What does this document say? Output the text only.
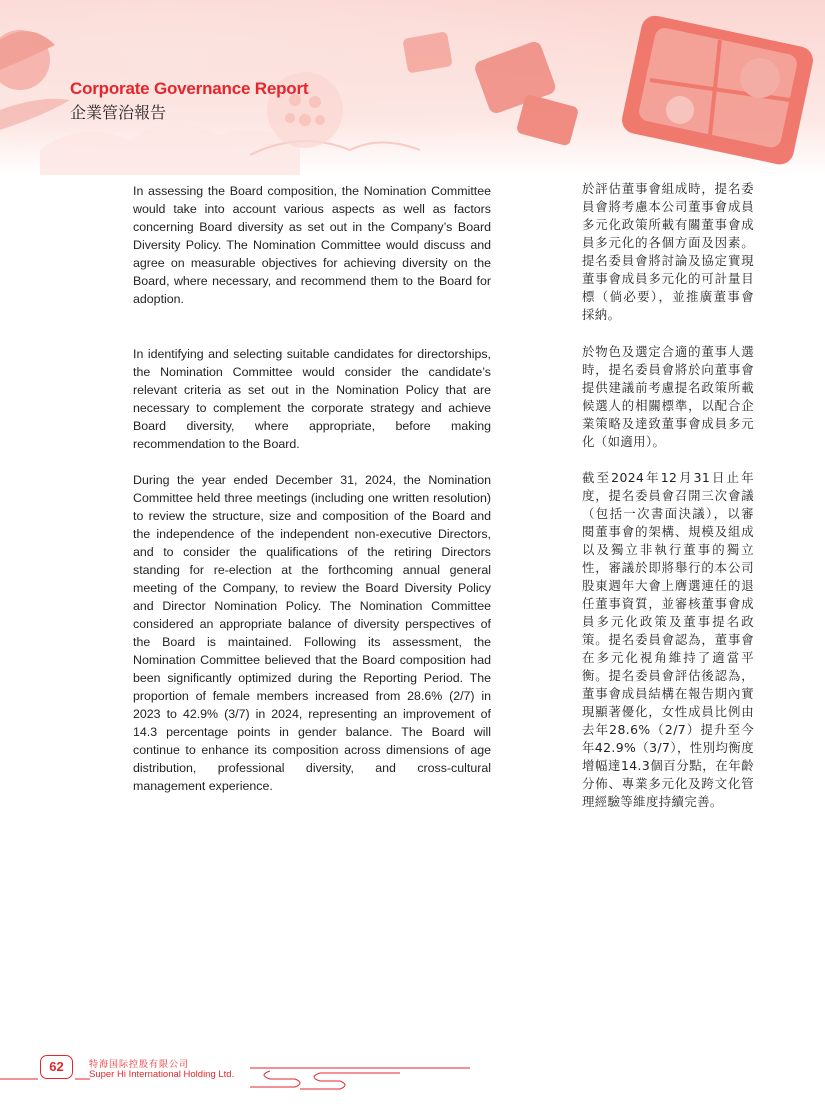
Corporate Governance Report
企業管治報告

In assessing the Board composition, the Nomination Committee would take into account various aspects as well as factors concerning Board diversity as set out in the Company’s Board Diversity Policy. The Nomination Committee would discuss and agree on measurable objectives for achieving diversity on the Board, where necessary, and recommend them to the Board for adoption.

In identifying and selecting suitable candidates for directorships, the Nomination Committee would consider the candidate’s relevant criteria as set out in the Nomination Policy that are necessary to complement the corporate strategy and achieve Board diversity, where appropriate, before making recommendation to the Board.

During the year ended December 31, 2024, the Nomination Committee held three meetings (including one written resolution) to review the structure, size and composition of the Board and the independence of the independent non-executive Directors, and to consider the qualifications of the retiring Directors standing for re-election at the forthcoming annual general meeting of the Company, to review the Board Diversity Policy and Director Nomination Policy. The Nomination Committee considered an appropriate balance of diversity perspectives of the Board is maintained. Following its assessment, the Nomination Committee believed that the Board composition had been significantly optimized during the Reporting Period. The proportion of female members increased from 28.6% (2/7) in 2023 to 42.9% (3/7) in 2024, representing an improvement of 14.3 percentage points in gender balance. The Board will continue to enhance its composition across dimensions of age distribution, professional diversity, and cross-cultural management experience.

於評估董事會組成時，提名委員會將考慮本公司董事會成員多元化政策所載有關董事會成員多元化的各個方面及因素。提名委員會將討論及協定實現董事會成員多元化的可計量目標（倘必要），並推廣董事會採納。

於物色及選定合適的董事人選時，提名委員會將於向董事會提供建議前考慮提名政策所載候選人的相關標準，以配合企業策略及達致董事會成員多元化（如適用）。

截至2024年12月31日止年度，提名委員會召開三次會議（包括一次書面決議），以審閱董事會的架構、規模及組成以及獨立非執行董事的獨立性，審議於即將舉行的本公司股東週年大會上膺選連任的退任董事資質，並審核董事會成員多元化政策及董事提名政策。提名委員會認為，董事會在多元化視角維持了適當平衡。提名委員會評估後認為，董事會成員結構在報告期內實現顯著優化，女性成員比例由去年28.6%（2/7）提升至今年42.9%（3/7），性別均衡度增幅達14.3個百分點，在年齡分佈、專業多元化及跨文化管理經驗等維度持續完善。

62	特海国际控股有限公司
Super Hi International Holding Ltd.
